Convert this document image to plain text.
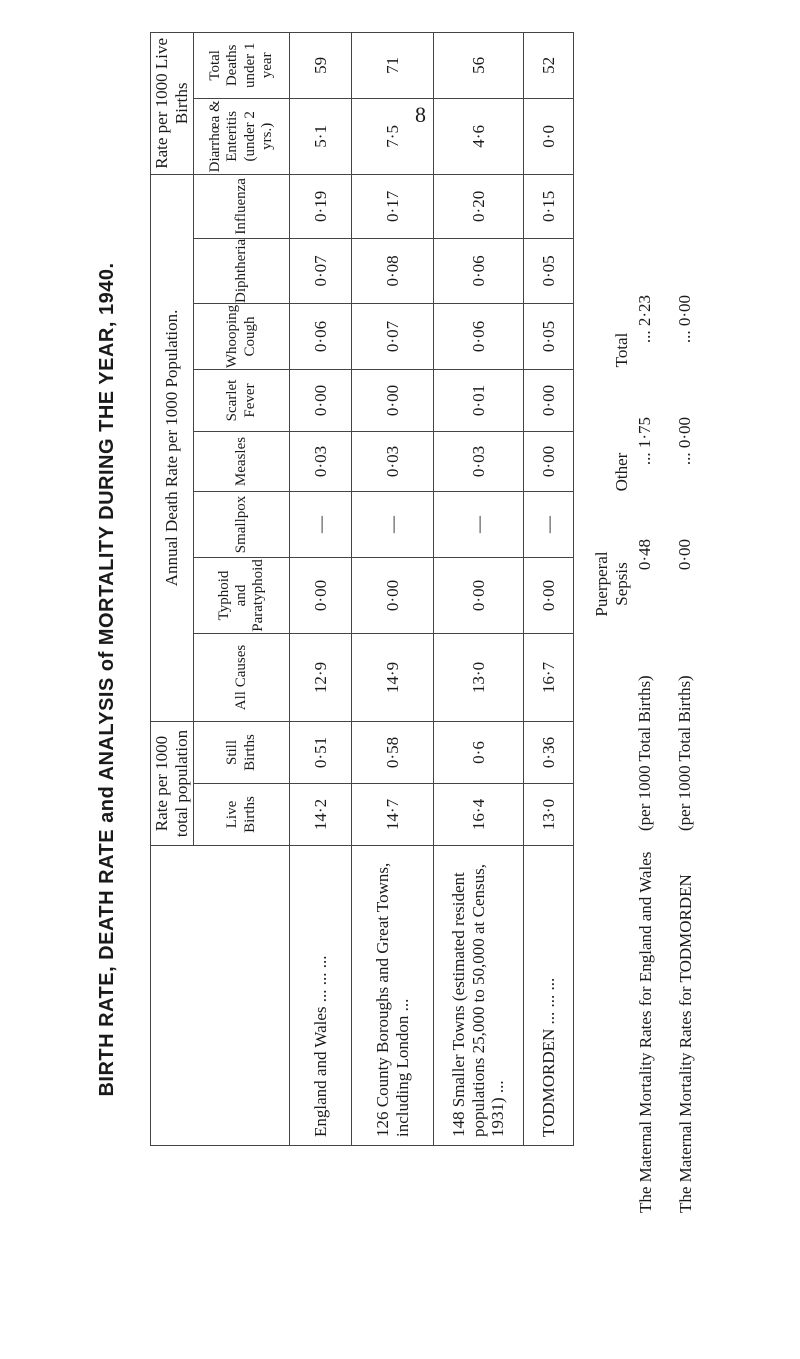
8
BIRTH RATE, DEATH RATE and ANALYSIS of MORTALITY DURING THE YEAR, 1940.
	Rate per 1000 total population		Annual Death Rate per 1000 Population.								Rate per 1000 Live Births	
	Live Births	Still Births	All Causes	Typhoid and Paratyphoid	Smallpox	Measles	Scarlet Fever	Whooping Cough	Diphtheria	Influenza	Diarrhœa & Enteritis (under 2 yrs.)	Total Deaths under 1 year
England and Wales ... ... ...	14·2	0·51	12·9	0·00	—	0·03	0·00	0·06	0·07	0·19	5·1	59
126 County Boroughs and Great Towns, including London ...	14·7	0·58	14·9	0·00	—	0·03	0·00	0·07	0·08	0·17	7·5	71
148 Smaller Towns (estimated resident populations 25,000 to 50,000 at Census, 1931) ...	16·4	0·6	13·0	0·00	—	0·03	0·01	0·06	0·06	0·20	4·6	56
TODMORDEN ... ... ...	13·0	0·36	16·7	0·00	—	0·00	0·00	0·05	0·05	0·15	0·0	52
		Puerperal Sepsis	Other	Total
The Maternal Mortality Rates for England and Wales	(per 1000 Total Births)	0·48	... 1·75	... 2·23

The Maternal Mortality Rates for TODMORDEN	(per 1000 Total Births)	0·00	... 0·00	... 0·00
